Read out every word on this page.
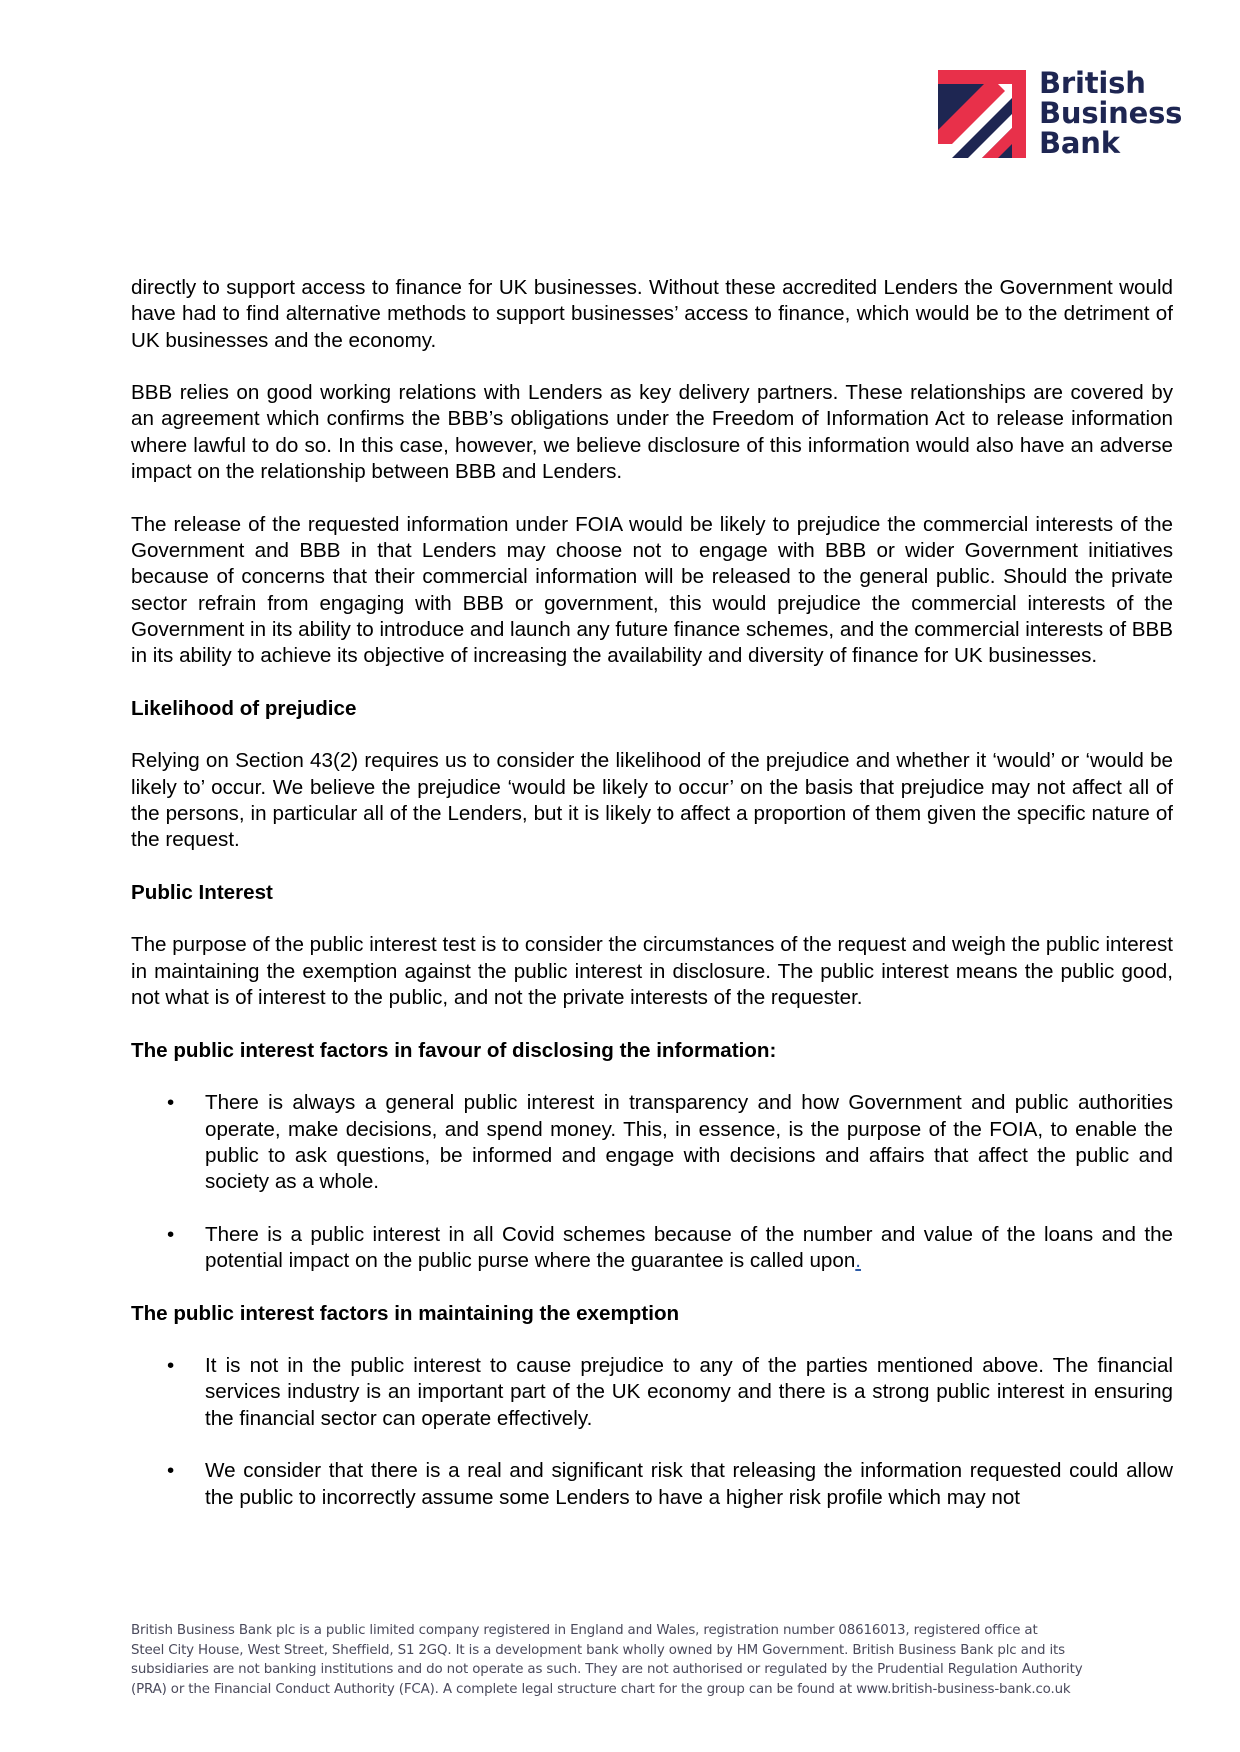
British
Business
Bank

directly to support access to finance for UK businesses. Without these accredited Lenders the Government would have had to find alternative methods to support businesses’ access to finance, which would be to the detriment of UK businesses and the economy.

BBB relies on good working relations with Lenders as key delivery partners. These relationships are covered by an agreement which confirms the BBB’s obligations under the Freedom of Information Act to release information where lawful to do so. In this case, however, we believe disclosure of this information would also have an adverse impact on the relationship between BBB and Lenders.

The release of the requested information under FOIA would be likely to prejudice the commercial interests of the Government and BBB in that Lenders may choose not to engage with BBB or wider Government initiatives because of concerns that their commercial information will be released to the general public. Should the private sector refrain from engaging with BBB or government, this would prejudice the commercial interests of the Government in its ability to introduce and launch any future finance schemes, and the commercial interests of BBB in its ability to achieve its objective of increasing the availability and diversity of finance for UK businesses.

Likelihood of prejudice

Relying on Section 43(2) requires us to consider the likelihood of the prejudice and whether it ‘would’ or ‘would be likely to’ occur. We believe the prejudice ‘would be likely to occur’ on the basis that prejudice may not affect all of the persons, in particular all of the Lenders, but it is likely to affect a proportion of them given the specific nature of the request.

Public Interest

The purpose of the public interest test is to consider the circumstances of the request and weigh the public interest in maintaining the exemption against the public interest in disclosure. The public interest means the public good, not what is of interest to the public, and not the private interests of the requester.

The public interest factors in favour of disclosing the information:
• There is always a general public interest in transparency and how Government and public authorities operate, make decisions, and spend money. This, in essence, is the purpose of the FOIA, to enable the public to ask questions, be informed and engage with decisions and affairs that affect the public and society as a whole.
• There is a public interest in all Covid schemes because of the number and value of the loans and the potential impact on the public purse where the guarantee is called upon.
The public interest factors in maintaining the exemption
• It is not in the public interest to cause prejudice to any of the parties mentioned above. The financial services industry is an important part of the UK economy and there is a strong public interest in ensuring the financial sector can operate effectively.
• We consider that there is a real and significant risk that releasing the information requested could allow the public to incorrectly assume some Lenders to have a higher risk profile which may not
British Business Bank plc is a public limited company registered in England and Wales, registration number 08616013, registered office at
Steel City House, West Street, Sheffield, S1 2GQ. It is a development bank wholly owned by HM Government. British Business Bank plc and its
subsidiaries are not banking institutions and do not operate as such. They are not authorised or regulated by the Prudential Regulation Authority
(PRA) or the Financial Conduct Authority (FCA). A complete legal structure chart for the group can be found at www.british-business-bank.co.uk
